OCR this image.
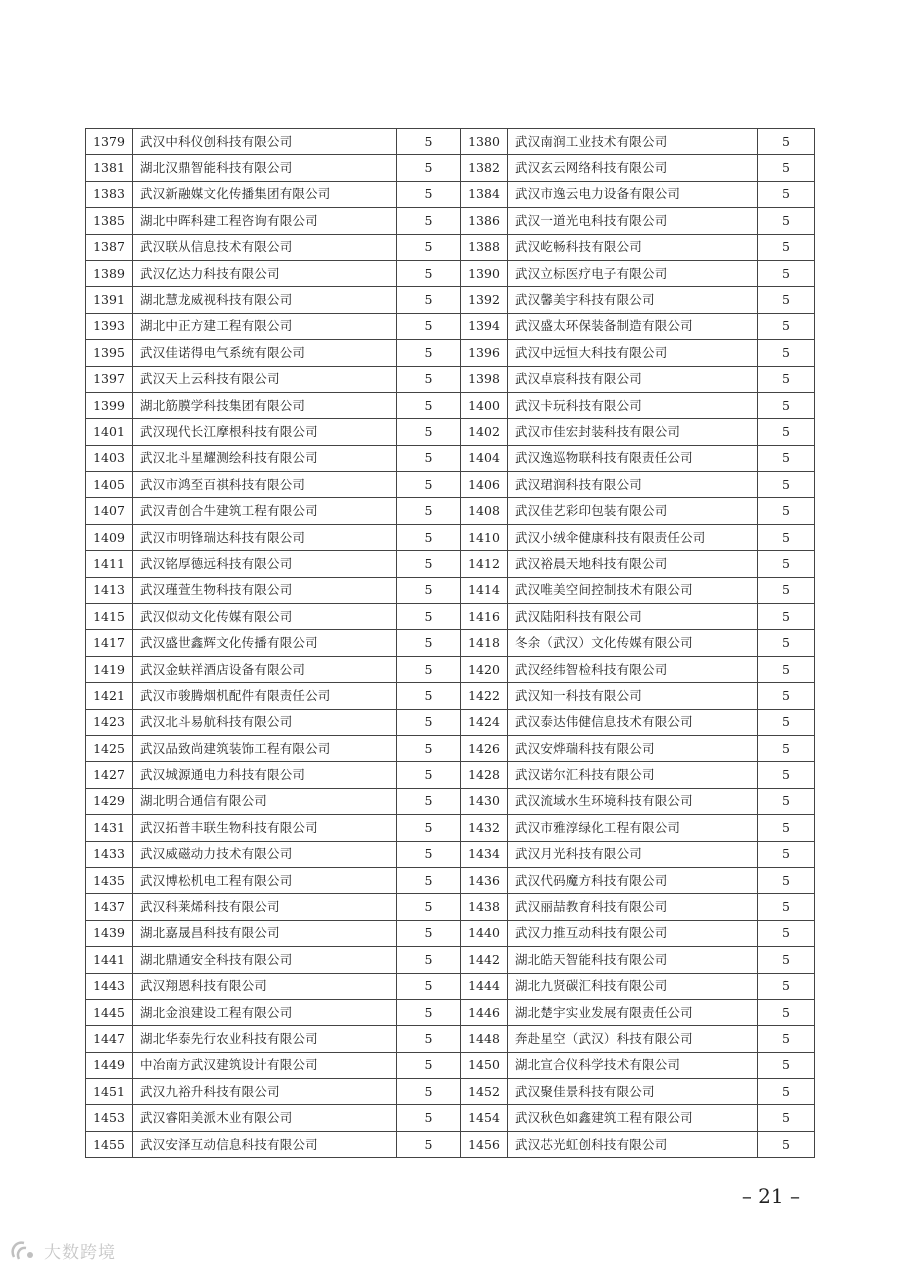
1379	武汉中科仪创科技有限公司	5	1380	武汉南润工业技术有限公司	5
1381	湖北汉鼎智能科技有限公司	5	1382	武汉玄云网络科技有限公司	5
1383	武汉新融媒文化传播集团有限公司	5	1384	武汉市逸云电力设备有限公司	5
1385	湖北中晖科建工程咨询有限公司	5	1386	武汉一道光电科技有限公司	5
1387	武汉联从信息技术有限公司	5	1388	武汉屹畅科技有限公司	5
1389	武汉亿达力科技有限公司	5	1390	武汉立标医疗电子有限公司	5
1391	湖北慧龙威视科技有限公司	5	1392	武汉馨美宇科技有限公司	5
1393	湖北中正方建工程有限公司	5	1394	武汉盛太环保装备制造有限公司	5
1395	武汉佳诺得电气系统有限公司	5	1396	武汉中远恒大科技有限公司	5
1397	武汉天上云科技有限公司	5	1398	武汉卓宸科技有限公司	5
1399	湖北筋膜学科技集团有限公司	5	1400	武汉卡玩科技有限公司	5
1401	武汉现代长江摩根科技有限公司	5	1402	武汉市佳宏封装科技有限公司	5
1403	武汉北斗星耀测绘科技有限公司	5	1404	武汉逸巡物联科技有限责任公司	5
1405	武汉市鸿至百祺科技有限公司	5	1406	武汉珺润科技有限公司	5
1407	武汉青创合牛建筑工程有限公司	5	1408	武汉佳艺彩印包装有限公司	5
1409	武汉市明锋瑞达科技有限公司	5	1410	武汉小绒伞健康科技有限责任公司	5
1411	武汉铭厚德远科技有限公司	5	1412	武汉裕晨天地科技有限公司	5
1413	武汉瑾萱生物科技有限公司	5	1414	武汉唯美空间控制技术有限公司	5
1415	武汉似动文化传媒有限公司	5	1416	武汉陆阳科技有限公司	5
1417	武汉盛世鑫辉文化传播有限公司	5	1418	冬余（武汉）文化传媒有限公司	5
1419	武汉金蚨祥酒店设备有限公司	5	1420	武汉经纬智检科技有限公司	5
1421	武汉市骏腾烟机配件有限责任公司	5	1422	武汉知一科技有限公司	5
1423	武汉北斗易航科技有限公司	5	1424	武汉泰达伟健信息技术有限公司	5
1425	武汉品致尚建筑装饰工程有限公司	5	1426	武汉安烨瑞科技有限公司	5
1427	武汉城源通电力科技有限公司	5	1428	武汉诺尔汇科技有限公司	5
1429	湖北明合通信有限公司	5	1430	武汉流域水生环境科技有限公司	5
1431	武汉拓普丰联生物科技有限公司	5	1432	武汉市雅淳绿化工程有限公司	5
1433	武汉威磁动力技术有限公司	5	1434	武汉月光科技有限公司	5
1435	武汉博松机电工程有限公司	5	1436	武汉代码魔方科技有限公司	5
1437	武汉科莱烯科技有限公司	5	1438	武汉丽喆教育科技有限公司	5
1439	湖北嘉晟昌科技有限公司	5	1440	武汉力推互动科技有限公司	5
1441	湖北鼎通安全科技有限公司	5	1442	湖北皓天智能科技有限公司	5
1443	武汉翔恩科技有限公司	5	1444	湖北九贤碳汇科技有限公司	5
1445	湖北金浪建设工程有限公司	5	1446	湖北楚宇实业发展有限责任公司	5
1447	湖北华泰先行农业科技有限公司	5	1448	奔赴星空（武汉）科技有限公司	5
1449	中冶南方武汉建筑设计有限公司	5	1450	湖北宣合仪科学技术有限公司	5
1451	武汉九裕升科技有限公司	5	1452	武汉聚佳景科技有限公司	5
1453	武汉睿阳美派木业有限公司	5	1454	武汉秋色如鑫建筑工程有限公司	5
1455	武汉安泽互动信息科技有限公司	5	1456	武汉芯光虹创科技有限公司	5
– 21 –
大数跨境
